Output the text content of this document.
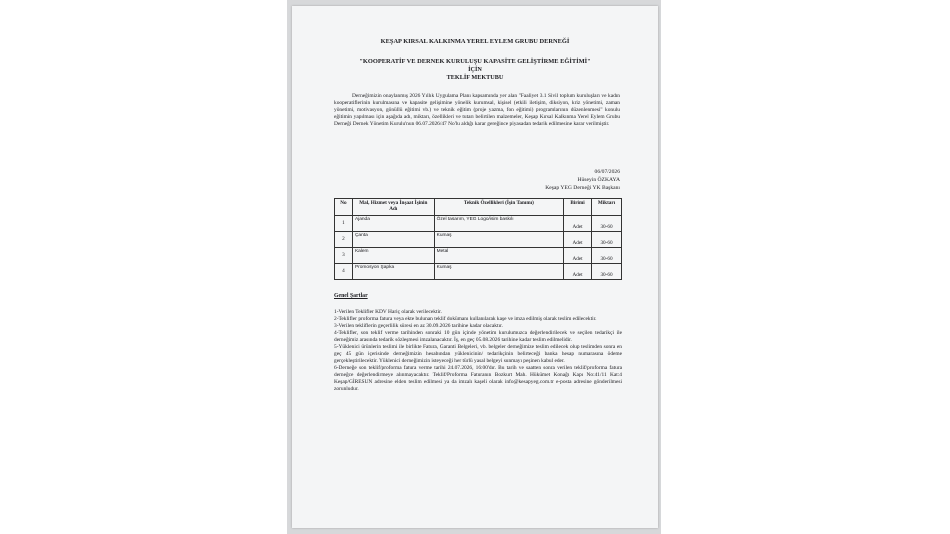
KEŞAP KIRSAL KALKINMA YEREL EYLEM GRUBU DERNEĞİ
"KOOPERATİF VE DERNEK KURULUŞU KAPASİTE GELİŞTİRME EĞİTİMİ"
İÇİN
TEKLİF MEKTUBU
Derneğimizin onaylanmış 2026 Yıllık Uygulama Planı kapsamında yer alan "Faaliyet 3.1 Sivil toplum kuruluşları ve kadın kooperatiflerinin kurulmasına ve kapasite gelişimine yönelik kurumsal, kişisel (etkili iletişim, diksiyon, kriz yönetimi, zaman yönetimi, motivasyon, gönüllü eğitimi vb.) ve teknik eğitim (proje yazma, fon eğitimi) programlarının düzenlenmesi" konulu eğitimin yapılması için aşağıda adı, miktarı, özellikleri ve tutarı belirtilen malzemeler, Keşap Kırsal Kalkınma Yerel Eylem Grubu Derneği Dernek Yönetim Kurulu'nun 06.07.2026/47 No'lu aldığı karar gereğince piyasadan tedarik edilmesine karar verilmiştir.
06/07/2026
Hüseyin ÖZKAYA
Keşap YEG Derneği YK Başkanı
No	Mal, Hizmet veya İnşaat İşinin Adı	Teknik Özellikleri (İşin Tanımı)	Birimi	Miktarı
1	Ajanda	Özel tasarım, YEG Logo/isim baskılı	Adet	30-60
2	Çanta	Kumaş	Adet	30-60
3	Kalem	Metal	Adet	30-60
4	Promosyon Şapka	Kumaş	Adet	30-60
Genel Şartlar

1-Verilen Teklifler KDV Hariç olarak verilecektir.

2-Teklifler proforma fatura veya ekte bulunan teklif dokümanı kullanılarak kaşe ve imza edilmiş olarak teslim edilecektir.

3-Verilen tekliflerin geçerlilik süresi en az 30.09.2026 tarihine kadar olacaktır.

4-Teklifler, son teklif verme tarihinden sonraki 10 gün içinde yönetim kurulumuzca değerlendirilecek ve seçilen tedarikçi ile derneğimiz arasında tedarik sözleşmesi imzalanacaktır. İş, en geç 05.08.2026 tarihine kadar teslim edilmelidir.

5-Yüklenici ürünlerin teslimi ile birlikte Fatura, Garanti Belgeleri, vb. belgeler derneğimize teslim edilecek olup teslimden sonra en geç 45 gün içerisinde derneğimizin hesabından yüklenicinin/ tedarikçinin belirteceği banka hesap numarasına ödeme gerçekleştirilecektir. Yüklenici derneğimizin isteyeceği her türlü yasal belgeyi sunmayı peşinen kabul eder.

6-Derneğe son teklif/proforma fatura verme tarihi 24.07.2026, 16:00'dır. Bu tarih ve saatten sonra verilen teklif/proforma fatura derneğce değerlendirmeye alınmayacaktır. Teklif/Proforma Faturanın Bozkurt Mah. Hükümet Konağı Kapı No:41/11 Kat:4 Keşap/GİRESUN adresine elden teslim edilmesi ya da imzalı kaşeli olarak info@kesapyeg.com.tr e-posta adresine gönderilmesi zorunludur.
